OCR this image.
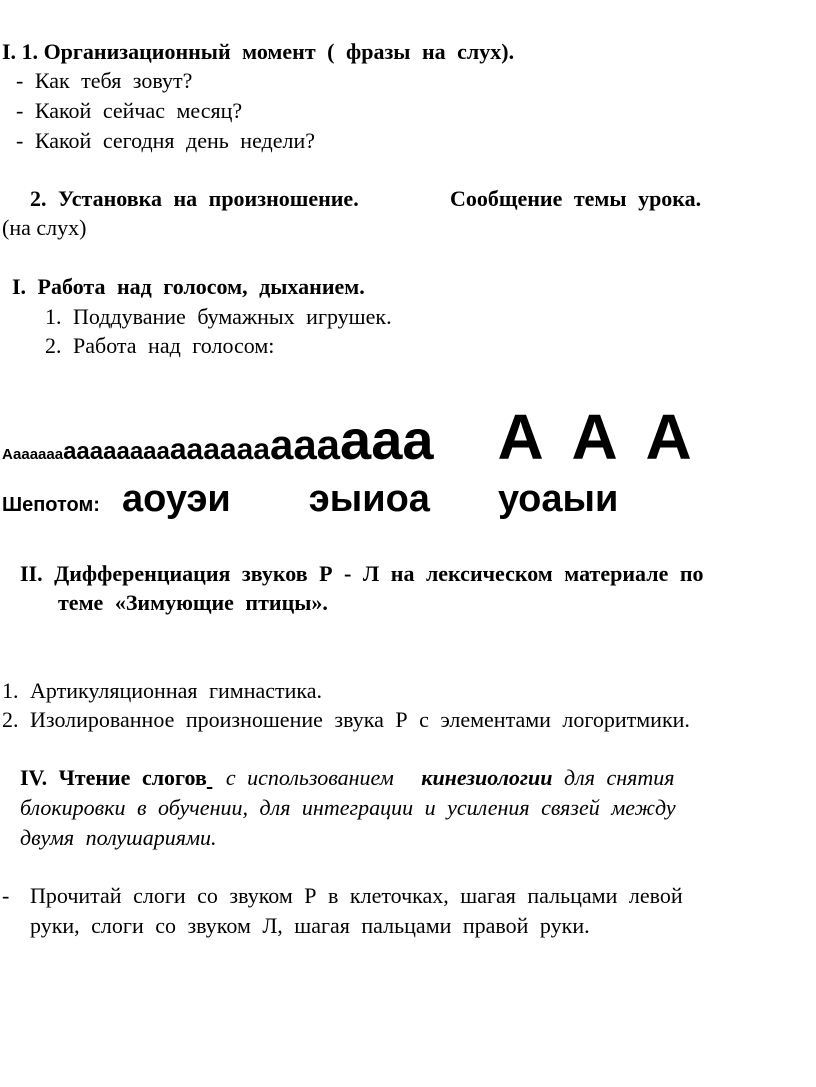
I. 1. Организационный момент ( фразы на слух).
- Как тебя зовут?
- Какой сейчас месяц?
- Какой сегодня день недели?
2. Установка на произношение.	Сообщение темы урока.
(на слух)
I. Работа над голосом, дыханием.
1. Поддувание бумажных игрушек.
2. Работа над голосом:
Ааааааа аааааааа аааааа ааа ааа А А А
Шепотом: аоуэи эыиоа уоаыи
II. Дифференциация звуков Р - Л на лексическом материале по
теме «Зимующие птицы».
1. Артикуляционная гимнастика.
2. Изолированное произношение звука Р с элементами логоритмики.
IV. Чтение слогов с использованием кинезиологии для снятия
блокировки в обучении, для интеграции и усиления связей между
двумя полушариями.
- Прочитай слоги со звуком Р в клеточках, шагая пальцами левой
руки, слоги со звуком Л, шагая пальцами правой руки.
